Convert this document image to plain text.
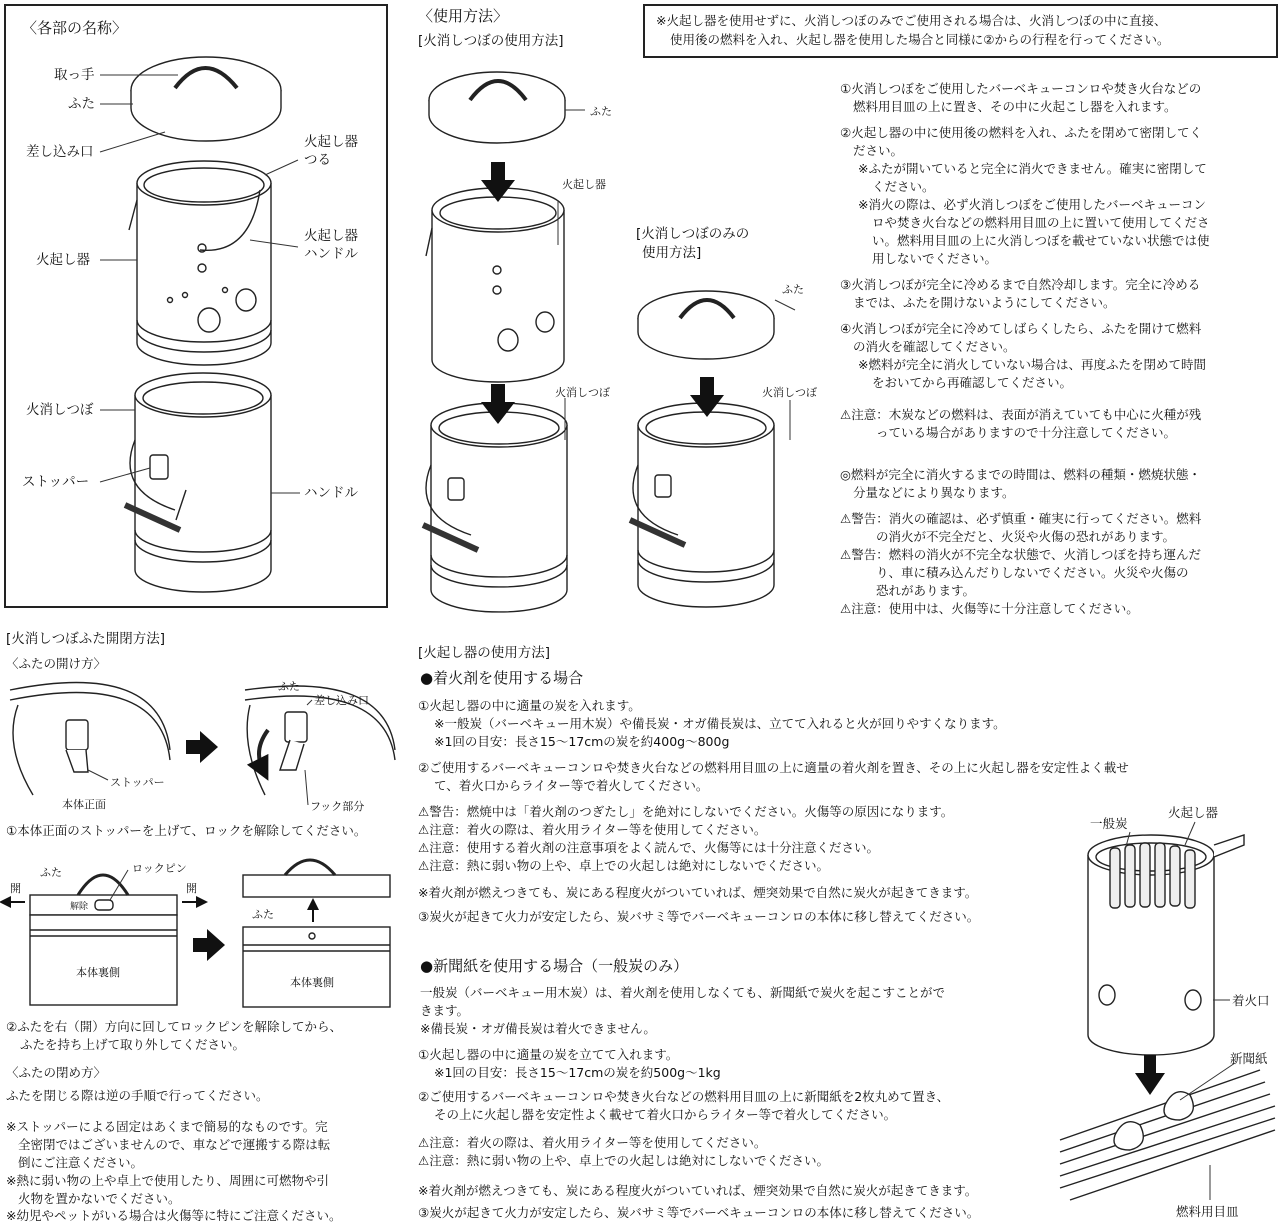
〈各部の名称〉
取っ手
ふた
差し込み口
火起し器
つる
火起し器
火起し器
ハンドル
火消しつぼ
ストッパー
ハンドル
〈使用方法〉
[火消しつぼの使用方法]
[火消しつぼのみの
使用方法]
ふた
火起し器
火消しつぼ
ふた
火消しつぼ
※火起し器を使用せずに、火消しつぼのみでご使用される場合は、火消しつぼの中に直接、
使用後の燃料を入れ、火起し器を使用した場合と同様に②からの行程を行ってください。
①火消しつぼをご使用したバーベキューコンロや焚き火台などの
燃料用目皿の上に置き、その中に火起こし器を入れます。
②火起し器の中に使用後の燃料を入れ、ふたを閉めて密閉してく
ださい。
※ふたが開いていると完全に消火できません。確実に密閉して
ください。
※消火の際は、必ず火消しつぼをご使用したバーベキューコン
ロや焚き火台などの燃料用目皿の上に置いて使用してくださ
い。燃料用目皿の上に火消しつぼを載せていない状態では使
用しないでください。
③火消しつぼが完全に冷めるまで自然冷却します。完全に冷める
までは、ふたを開けないようにしてください。
④火消しつぼが完全に冷めてしばらくしたら、ふたを開けて燃料
の消火を確認してください。
※燃料が完全に消火していない場合は、再度ふたを閉めて時間
をおいてから再確認してください。
⚠注意：木炭などの燃料は、表面が消えていても中心に火種が残
っている場合がありますので十分注意してください。
◎燃料が完全に消火するまでの時間は、燃料の種類・燃焼状態・
分量などにより異なります。
⚠警告：消火の確認は、必ず慎重・確実に行ってください。燃料
の消火が不完全だと、火災や火傷の恐れがあります。
⚠警告：燃料の消火が不完全な状態で、火消しつぼを持ち運んだ
り、車に積み込んだりしないでください。火災や火傷の
恐れがあります。
⚠注意：使用中は、火傷等に十分注意してください。
[火消しつぼふた開閉方法]
〈ふたの開け方〉
ストッパー
本体正面
ふた
差し込み口
フック部分
①本体正面のストッパーを上げて、ロックを解除してください。
ふた	ロックピン
開	開
解除
本体裏側
ふた
本体裏側
②ふたを右（開）方向に回してロックピンを解除してから、
ふたを持ち上げて取り外してください。
〈ふたの閉め方〉
ふたを閉じる際は逆の手順で行ってください。
※ストッパーによる固定はあくまで簡易的なものです。完
全密閉ではございませんので、車などで運搬する際は転
倒にご注意ください。
※熱に弱い物の上や卓上で使用したり、周囲に可燃物や引
火物を置かないでください。
※幼児やペットがいる場合は火傷等に特にご注意ください。
[火起し器の使用方法]
●着火剤を使用する場合
①火起し器の中に適量の炭を入れます。
※一般炭（バーベキュー用木炭）や備長炭・オガ備長炭は、立てて入れると火が回りやすくなります。
※1回の目安：長さ15～17cmの炭を約400g～800g
②ご使用するバーベキューコンロや焚き火台などの燃料用目皿の上に適量の着火剤を置き、その上に火起し器を安定性よく載せ
て、着火口からライター等で着火してください。
⚠警告：燃焼中は「着火剤のつぎたし」を絶対にしないでください。火傷等の原因になります。
⚠注意：着火の際は、着火用ライター等を使用してください。
⚠注意：使用する着火剤の注意事項をよく読んで、火傷等には十分注意ください。
⚠注意：熱に弱い物の上や、卓上での火起しは絶対にしないでください。
※着火剤が燃えつきても、炭にある程度火がついていれば、煙突効果で自然に炭火が起きてきます。
③炭火が起きて火力が安定したら、炭バサミ等でバーベキューコンロの本体に移し替えてください。
●新聞紙を使用する場合（一般炭のみ）
一般炭（バーベキュー用木炭）は、着火剤を使用しなくても、新聞紙で炭火を起こすことがで
きます。
※備長炭・オガ備長炭は着火できません。
①火起し器の中に適量の炭を立てて入れます。
※1回の目安：長さ15～17cmの炭を約500g～1kg
②ご使用するバーベキューコンロや焚き火台などの燃料用目皿の上に新聞紙を2枚丸めて置き、
その上に火起し器を安定性よく載せて着火口からライター等で着火してください。
⚠注意：着火の際は、着火用ライター等を使用してください。
⚠注意：熱に弱い物の上や、卓上での火起しは絶対にしないでください。
※着火剤が燃えつきても、炭にある程度火がついていれば、煙突効果で自然に炭火が起きてきます。
③炭火が起きて火力が安定したら、炭バサミ等でバーベキューコンロの本体に移し替えてください。
一般炭
火起し器
着火口
新聞紙
燃料用目皿
